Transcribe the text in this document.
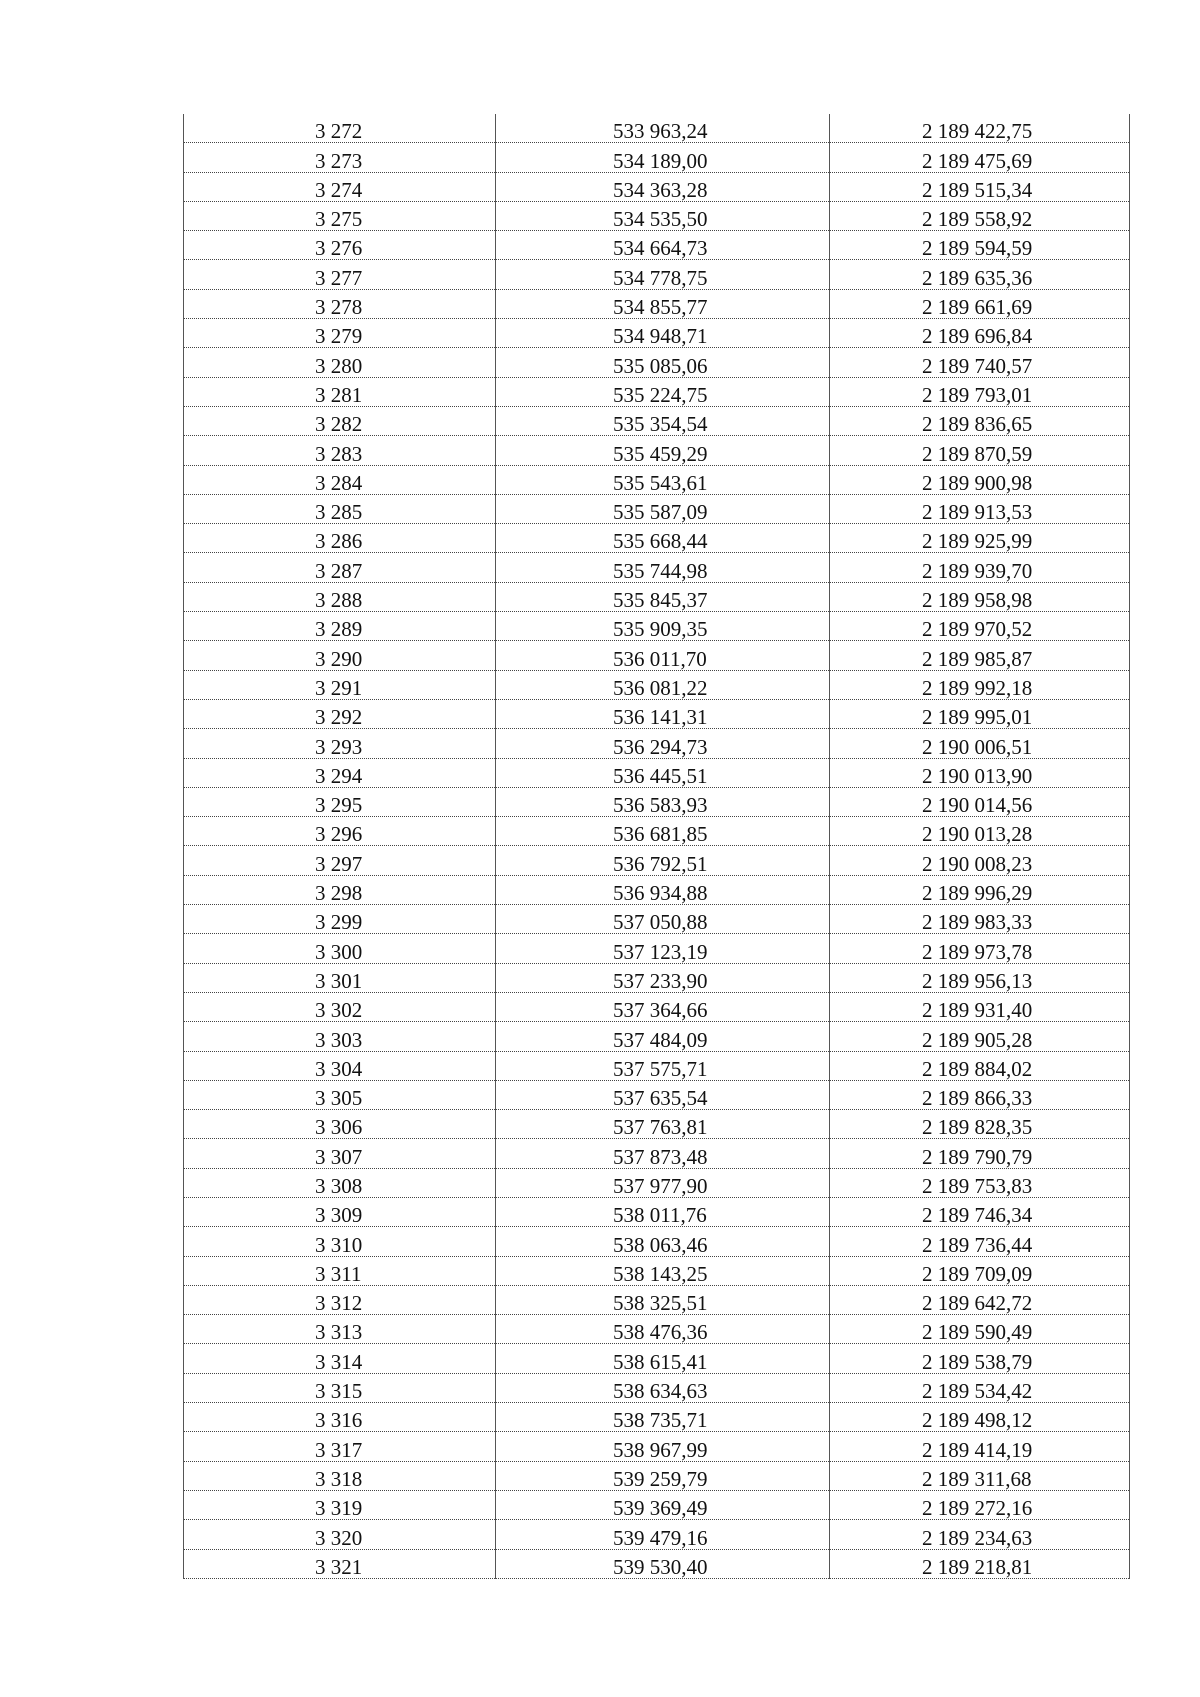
3 272	533 963,24	2 189 422,75
3 273	534 189,00	2 189 475,69
3 274	534 363,28	2 189 515,34
3 275	534 535,50	2 189 558,92
3 276	534 664,73	2 189 594,59
3 277	534 778,75	2 189 635,36
3 278	534 855,77	2 189 661,69
3 279	534 948,71	2 189 696,84
3 280	535 085,06	2 189 740,57
3 281	535 224,75	2 189 793,01
3 282	535 354,54	2 189 836,65
3 283	535 459,29	2 189 870,59
3 284	535 543,61	2 189 900,98
3 285	535 587,09	2 189 913,53
3 286	535 668,44	2 189 925,99
3 287	535 744,98	2 189 939,70
3 288	535 845,37	2 189 958,98
3 289	535 909,35	2 189 970,52
3 290	536 011,70	2 189 985,87
3 291	536 081,22	2 189 992,18
3 292	536 141,31	2 189 995,01
3 293	536 294,73	2 190 006,51
3 294	536 445,51	2 190 013,90
3 295	536 583,93	2 190 014,56
3 296	536 681,85	2 190 013,28
3 297	536 792,51	2 190 008,23
3 298	536 934,88	2 189 996,29
3 299	537 050,88	2 189 983,33
3 300	537 123,19	2 189 973,78
3 301	537 233,90	2 189 956,13
3 302	537 364,66	2 189 931,40
3 303	537 484,09	2 189 905,28
3 304	537 575,71	2 189 884,02
3 305	537 635,54	2 189 866,33
3 306	537 763,81	2 189 828,35
3 307	537 873,48	2 189 790,79
3 308	537 977,90	2 189 753,83
3 309	538 011,76	2 189 746,34
3 310	538 063,46	2 189 736,44
3 311	538 143,25	2 189 709,09
3 312	538 325,51	2 189 642,72
3 313	538 476,36	2 189 590,49
3 314	538 615,41	2 189 538,79
3 315	538 634,63	2 189 534,42
3 316	538 735,71	2 189 498,12
3 317	538 967,99	2 189 414,19
3 318	539 259,79	2 189 311,68
3 319	539 369,49	2 189 272,16
3 320	539 479,16	2 189 234,63
3 321	539 530,40	2 189 218,81
